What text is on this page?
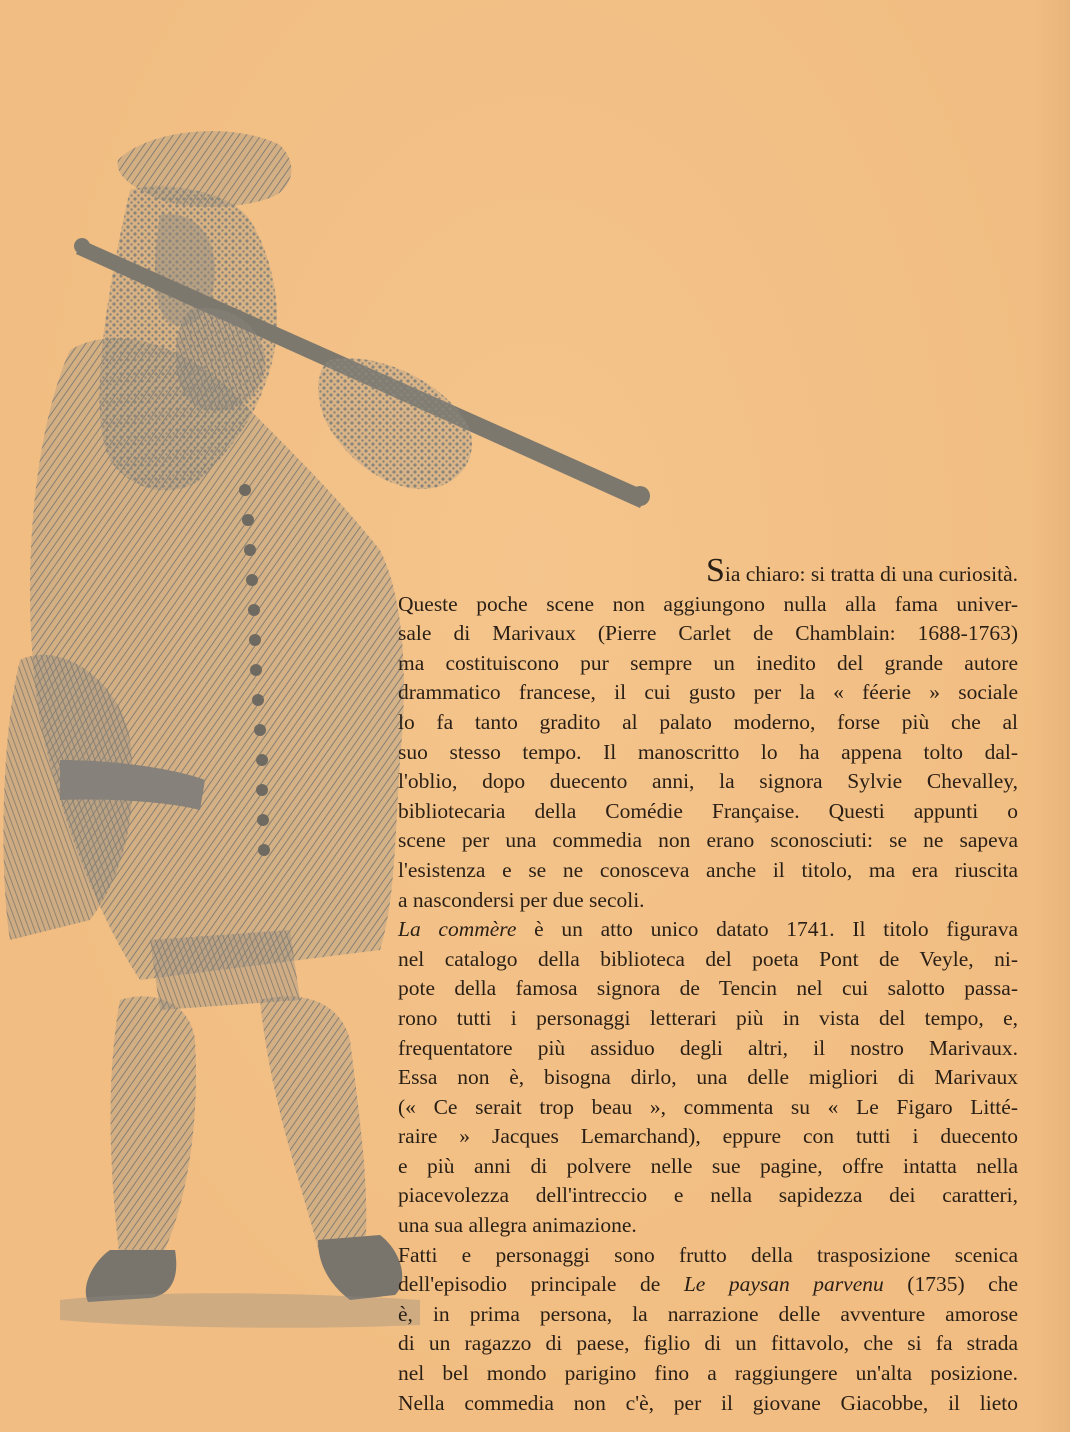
Sia chiaro: si tratta di una curiosità.
Queste poche scene non aggiungono nulla alla fama univer-
sale di Marivaux (Pierre Carlet de Chamblain: 1688-1763)
ma costituiscono pur sempre un inedito del grande autore
drammatico francese, il cui gusto per la « féerie » sociale
lo fa tanto gradito al palato moderno, forse più che al
suo stesso tempo. Il manoscritto lo ha appena tolto dal-
l'oblio, dopo duecento anni, la signora Sylvie Chevalley,
bibliotecaria della Comédie Française. Questi appunti o
scene per una commedia non erano sconosciuti: se ne sapeva
l'esistenza e se ne conosceva anche il titolo, ma era riuscita
a nascondersi per due secoli.
La commère è un atto unico datato 1741. Il titolo figurava
nel catalogo della biblioteca del poeta Pont de Veyle, ni-
pote della famosa signora de Tencin nel cui salotto passa-
rono tutti i personaggi letterari più in vista del tempo, e,
frequentatore più assiduo degli altri, il nostro Marivaux.
Essa non è, bisogna dirlo, una delle migliori di Marivaux
(« Ce serait trop beau », commenta su « Le Figaro Litté-
raire » Jacques Lemarchand), eppure con tutti i duecento
e più anni di polvere nelle sue pagine, offre intatta nella
piacevolezza dell'intreccio e nella sapidezza dei caratteri,
una sua allegra animazione.
Fatti e personaggi sono frutto della trasposizione scenica
dell'episodio principale de Le paysan parvenu (1735) che
è, in prima persona, la narrazione delle avventure amorose
di un ragazzo di paese, figlio di un fittavolo, che si fa strada
nel bel mondo parigino fino a raggiungere un'alta posizione.
Nella commedia non c'è, per il giovane Giacobbe, il lieto
